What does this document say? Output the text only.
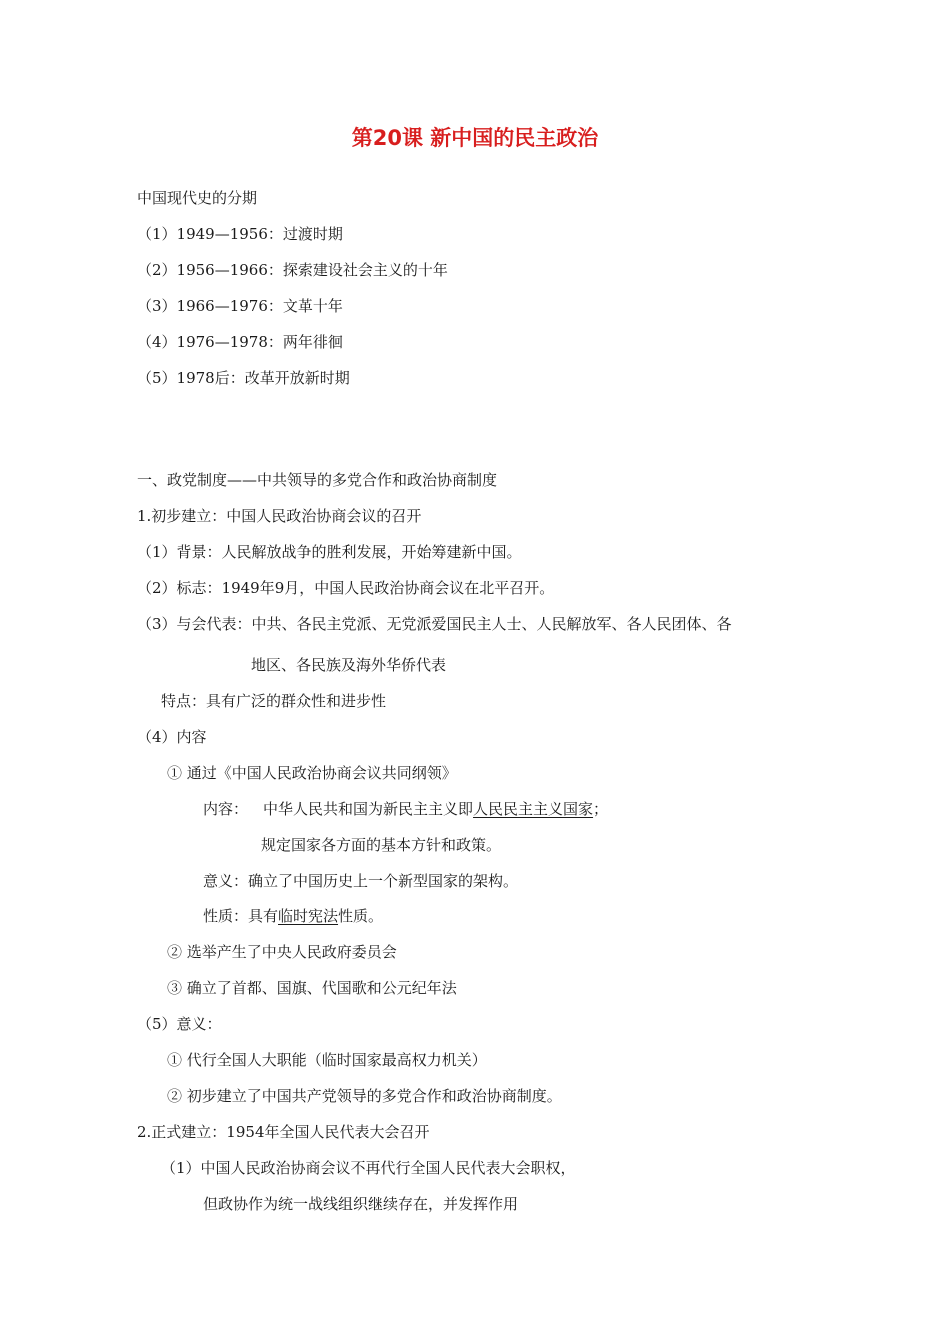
第20课 新中国的民主政治
中国现代史的分期
（1）1949—1956：过渡时期
（2）1956—1966：探索建设社会主义的十年
（3）1966—1976：文革十年
（4）1976—1978：两年徘徊
（5）1978后：改革开放新时期
一、政党制度——中共领导的多党合作和政治协商制度
1.初步建立：中国人民政治协商会议的召开
（1）背景：人民解放战争的胜利发展，开始筹建新中国。
（2）标志：1949年9月，中国人民政治协商会议在北平召开。
（3）与会代表：中共、各民主党派、无党派爱国民主人士、人民解放军、各人民团体、各
地区、各民族及海外华侨代表
特点：具有广泛的群众性和进步性
（4）内容
① 通过《中国人民政治协商会议共同纲领》
内容： 中华人民共和国为新民主主义即人民民主主义国家；
规定国家各方面的基本方针和政策。
意义：确立了中国历史上一个新型国家的架构。
性质：具有临时宪法性质。
② 选举产生了中央人民政府委员会
③ 确立了首都、国旗、代国歌和公元纪年法
（5）意义：
① 代行全国人大职能（临时国家最高权力机关）
② 初步建立了中国共产党领导的多党合作和政治协商制度。
2.正式建立：1954年全国人民代表大会召开
（1）中国人民政治协商会议不再代行全国人民代表大会职权，
但政协作为统一战线组织继续存在，并发挥作用
